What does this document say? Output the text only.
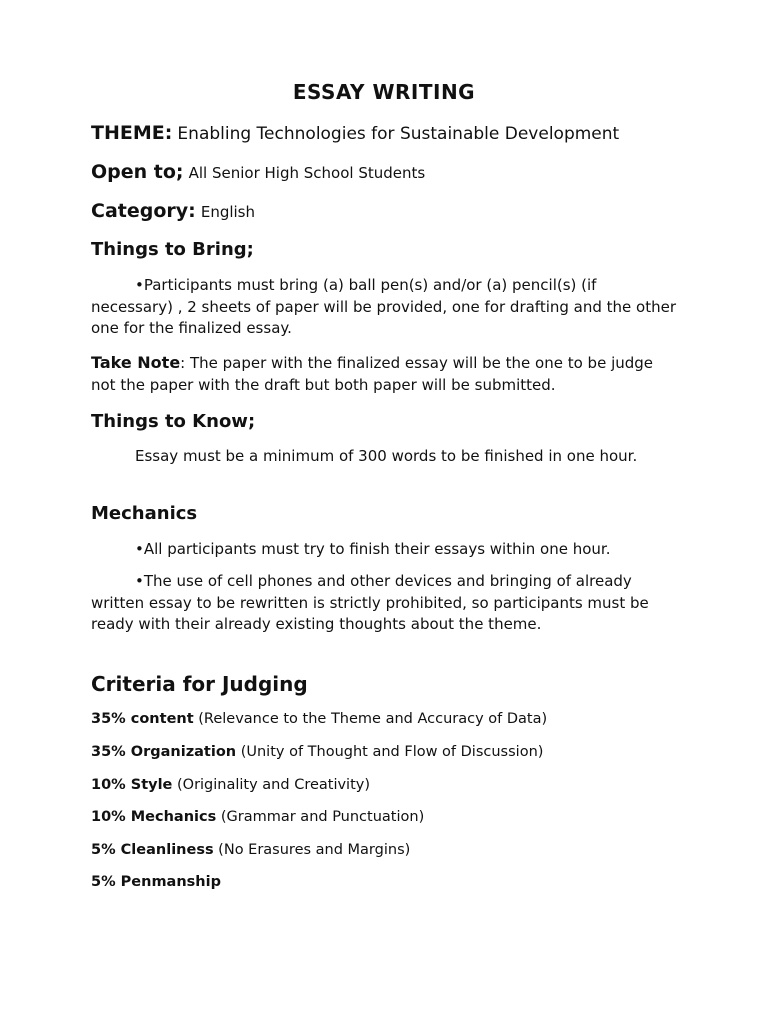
ESSAY WRITING
THEME: Enabling Technologies for Sustainable Development
Open to; All Senior High School Students
Category: English
Things to Bring;

•Participants must bring (a) ball pen(s) and/or (a) pencil(s) (if necessary) , 2 sheets of paper will be provided, one for drafting and the other one for the finalized essay.

Take Note: The paper with the finalized essay will be the one to be judge not the paper with the draft but both paper will be submitted.

Things to Know;

Essay must be a minimum of 300 words to be finished in one hour.

Mechanics

•All participants must try to finish their essays within one hour.

•The use of cell phones and other devices and bringing of already written essay to be rewritten is strictly prohibited, so participants must be ready with their already existing thoughts about the theme.

Criteria for Judging
35% content (Relevance to the Theme and Accuracy of Data)
35% Organization (Unity of Thought and Flow of Discussion)
10% Style (Originality and Creativity)
10% Mechanics (Grammar and Punctuation)
5% Cleanliness (No Erasures and Margins)
5% Penmanship
